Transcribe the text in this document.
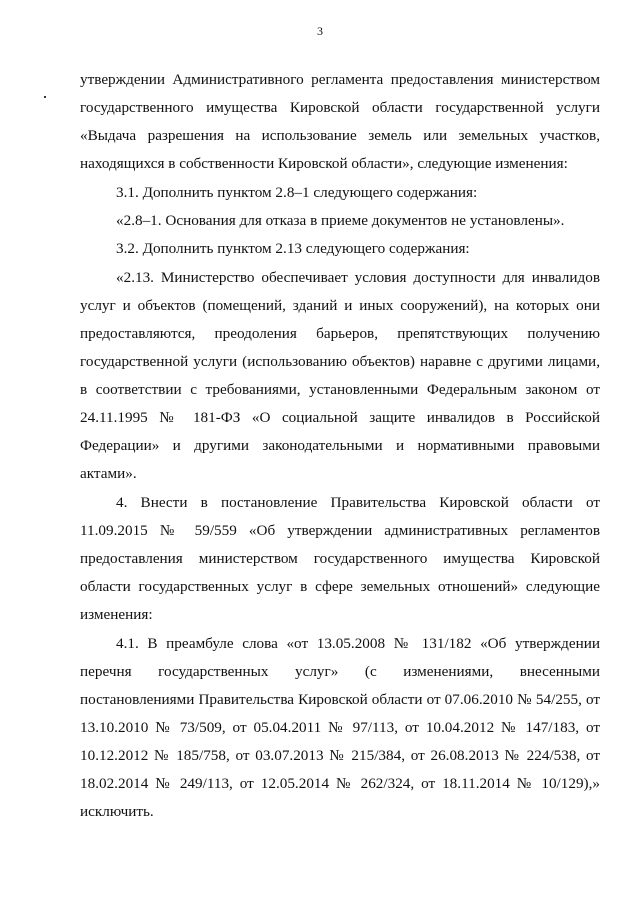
3
утверждении Административного регламента предоставления министерством
государственного имущества Кировской области государственной услуги
«Выдача разрешения на использование земель или земельных участков,
находящихся в собственности Кировской области», следующие изменения:
3.1. Дополнить пунктом 2.8–1 следующего содержания:
«2.8–1. Основания для отказа в приеме документов не установлены».
3.2. Дополнить пунктом 2.13 следующего содержания:
«2.13. Министерство обеспечивает условия доступности для инвалидов
услуг и объектов (помещений, зданий и иных сооружений), на которых они
предоставляются, преодоления барьеров, препятствующих получению
государственной услуги (использованию объектов) наравне с другими лицами,
в соответствии с требованиями, установленными Федеральным законом от
24.11.1995 № 181-ФЗ «О социальной защите инвалидов в Российской
Федерации» и другими законодательными и нормативными правовыми
актами».
4. Внести в постановление Правительства Кировской области от
11.09.2015 № 59/559 «Об утверждении административных регламентов
предоставления министерством государственного имущества Кировской
области государственных услуг в сфере земельных отношений» следующие
изменения:
4.1. В преамбуле слова «от 13.05.2008 № 131/182 «Об утверждении
перечня государственных услуг» (с изменениями, внесенными
постановлениями Правительства Кировской области от 07.06.2010 № 54/255, от
13.10.2010 № 73/509, от 05.04.2011 № 97/113, от 10.04.2012 № 147/183, от
10.12.2012 № 185/758, от 03.07.2013 № 215/384, от 26.08.2013 № 224/538, от
18.02.2014 № 249/113, от 12.05.2014 № 262/324, от 18.11.2014 № 10/129),»
исключить.
